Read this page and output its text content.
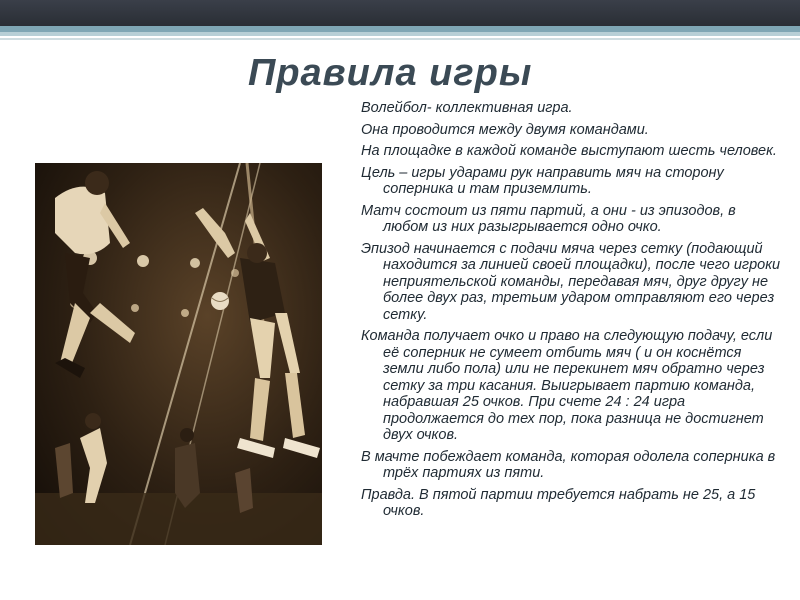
Правила игры

Волейбол- коллективная игра.

Она проводится между двумя командами.

На площадке в каждой команде выступают шесть человек.

Цель – игры ударами рук направить мяч на сторону соперника и там приземлить.

Матч состоит из пяти партий, а они - из эпизодов, в любом из них разыгрывается одно очко.

Эпизод начинается с подачи мяча через сетку (подающий находится за линией своей площадки), после чего игроки неприятельской команды, передавая мяч, друг другу не более двух раз, третьим ударом отправляют его через сетку.

Команда получает очко и право на следующую подачу, если её соперник не сумеет отбить мяч ( и он коснётся земли либо пола) или не перекинет мяч обратно через сетку за три касания. Выигрывает партию команда, набравшая 25 очков. При счете 24 : 24 игра продолжается до тех пор, пока разница не достигнет двух очков.

В мачте побеждает команда, которая одолела соперника в трёх партиях из пяти.

Правда. В пятой партии требуется набрать не 25, а 15 очков.
